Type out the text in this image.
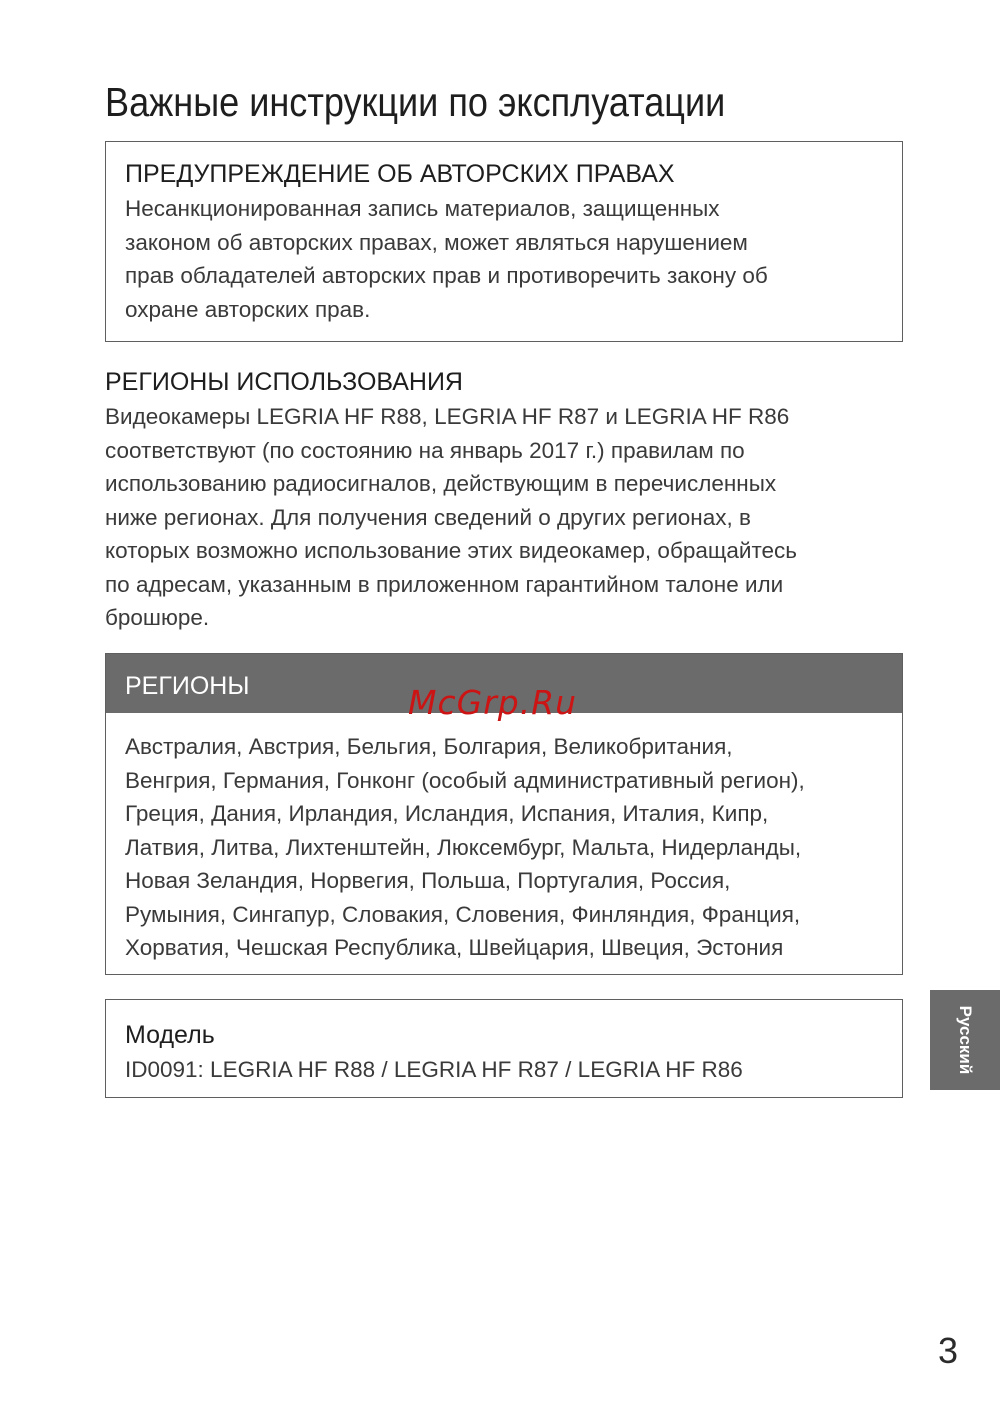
Важные инструкции по эксплуатации
ПРЕДУПРЕЖДЕНИЕ ОБ АВТОРСКИХ ПРАВАХ
Несанкционированная запись материалов, защищенных
законом об авторских правах, может являться нарушением
прав обладателей авторских прав и противоречить закону об
охране авторских прав.
РЕГИОНЫ ИСПОЛЬЗОВАНИЯ
Видеокамеры LEGRIA HF R88, LEGRIA HF R87 и LEGRIA HF R86
соответствуют (по состоянию на январь 2017 г.) правилам по
использованию радиосигналов, действующим в перечисленных
ниже регионах. Для получения сведений о других регионах, в
которых возможно использование этих видеокамер, обращайтесь
по адресам, указанным в приложенном гарантийном талоне или
брошюре.
РЕГИОНЫ
Австралия, Австрия, Бельгия, Болгария, Великобритания,
Венгрия, Германия, Гонконг (особый административный регион),
Греция, Дания, Ирландия, Исландия, Испания, Италия, Кипр,
Латвия, Литва, Лихтенштейн, Люксембург, Мальта, Нидерланды,
Новая Зеландия, Норвегия, Польша, Португалия, Россия,
Румыния, Сингапур, Словакия, Словения, Финляндия, Франция,
Хорватия, Чешская Республика, Швейцария, Швеция, Эстония
McGrp.Ru
Модель
ID0091: LEGRIA HF R88 / LEGRIA HF R87 / LEGRIA HF R86	Русский
3
